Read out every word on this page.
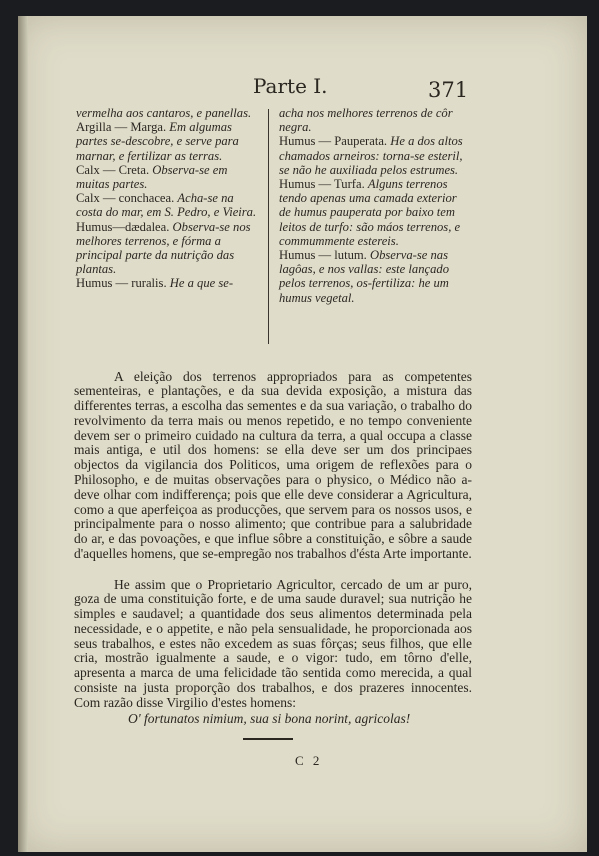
Parte I.	371

vermelha aos cantaros, e panellas.

Argilla — Marga. Em algumas partes se-descobre, e serve para marnar, e fertilizar as terras.

Calx — Creta. Observa-se em muitas partes.

Calx — conchacea. Acha-se na costa do mar, em S. Pedro, e Vieira.

Humus—dædalea. Observa-se nos melhores terrenos, e fórma a principal parte da nutrição das plantas.

Humus — ruralis. He a que se-

acha nos melhores terrenos de côr negra.

Humus — Pauperata. He a dos altos chamados arneiros: torna-se esteril, se não he auxiliada pelos estrumes.

Humus — Turfa. Alguns terrenos tendo apenas uma camada exterior de humus pauperata por baixo tem leitos de turfo: são máos terrenos, e commummente estereis.

Humus — lutum. Observa-se nas lagôas, e nos vallas: este lançado pelos terrenos, os-fertiliza: he um humus vegetal.

A eleição dos terrenos appropriados para as competentes sementeiras, e plantações, e da sua devida exposição, a mistura das differentes terras, a escolha das sementes e da sua variação, o trabalho do revolvimento da terra mais ou menos repetido, e no tempo conveniente devem ser o primeiro cuidado na cultura da terra, a qual occupa a classe mais antiga, e util dos homens: se ella deve ser um dos principaes objectos da vigilancia dos Politicos, uma origem de reflexões para o Philosopho, e de muitas observações para o physico, o Médico não a-deve olhar com indifferença; pois que elle deve considerar a Agricultura, como a que aperfeiçoa as producções, que servem para os nossos usos, e principalmente para o nosso alimento; que contribue para a salubridade do ar, e das povoações, e que influe sôbre a constituição, e sôbre a saude d'aquelles homens, que se-empregão nos trabalhos d'ésta Arte importante.

He assim que o Proprietario Agricultor, cercado de um ar puro, goza de uma constituição forte, e de uma saude duravel; sua nutrição he simples e saudavel; a quantidade dos seus alimentos determinada pela necessidade, e o appetite, e não pela sensualidade, he proporcionada aos seus trabalhos, e estes não excedem as suas fôrças; seus filhos, que elle cria, mostrão igualmente a saude, e o vigor: tudo, em tôrno d'elle, apresenta a marca de uma felicidade tão sentida como merecida, a qual consiste na justa proporção dos trabalhos, e dos prazeres innocentes. Com razão disse Virgilio d'estes homens:

O' fortunatos nimium, sua si bona norint, agricolas!
C 2
